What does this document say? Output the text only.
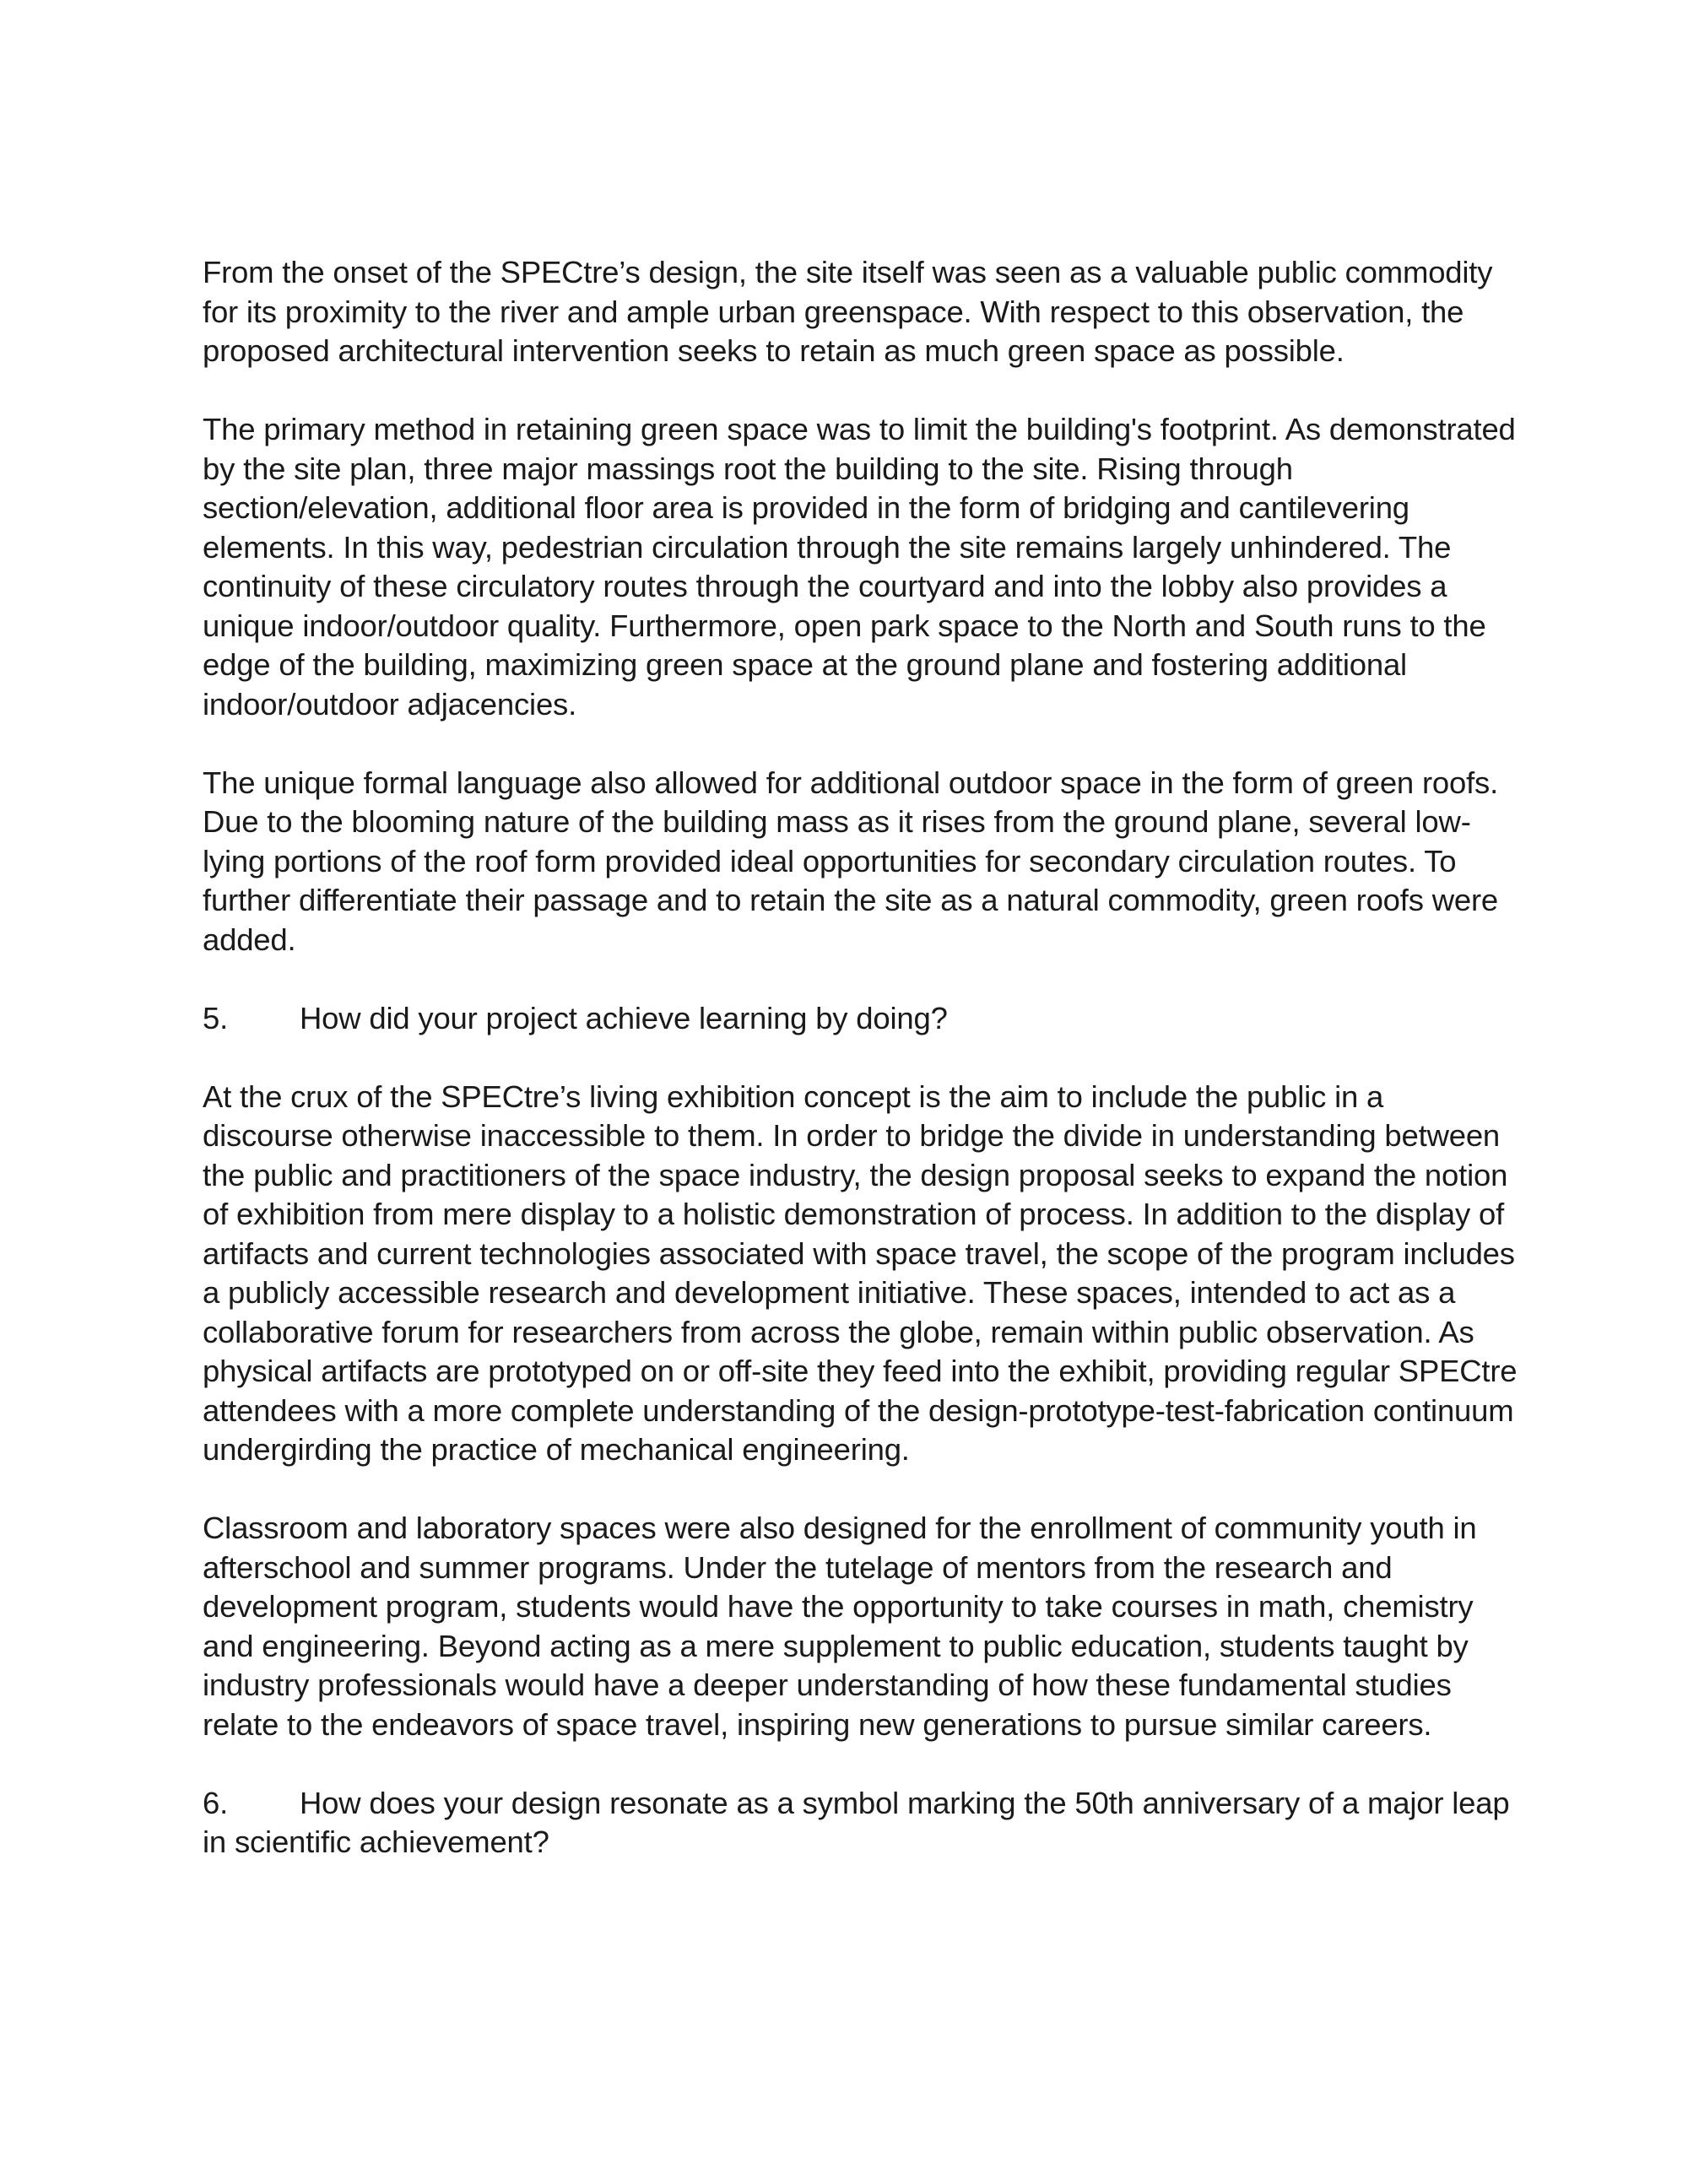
From the onset of the SPECtre’s design, the site itself was seen as a valuable public commodity for its proximity to the river and ample urban greenspace. With respect to this observation, the proposed architectural intervention seeks to retain as much green space as possible.

The primary method in retaining green space was to limit the building's footprint. As demonstrated by the site plan, three major massings root the building to the site. Rising through section/elevation, additional floor area is provided in the form of bridging and cantilevering elements. In this way, pedestrian circulation through the site remains largely unhindered. The continuity of these circulatory routes through the courtyard and into the lobby also provides a unique indoor/outdoor quality. Furthermore, open park space to the North and South runs to the edge of the building, maximizing green space at the ground plane and fostering additional indoor/outdoor adjacencies.

The unique formal language also allowed for additional outdoor space in the form of green roofs. Due to the blooming nature of the building mass as it rises from the ground plane, several low-lying portions of the roof form provided ideal opportunities for secondary circulation routes. To further differentiate their passage and to retain the site as a natural commodity, green roofs were added.

5. How did your project achieve learning by doing?

At the crux of the SPECtre’s living exhibition concept is the aim to include the public in a discourse otherwise inaccessible to them. In order to bridge the divide in understanding between the public and practitioners of the space industry, the design proposal seeks to expand the notion of exhibition from mere display to a holistic demonstration of process. In addition to the display of artifacts and current technologies associated with space travel, the scope of the program includes a publicly accessible research and development initiative. These spaces, intended to act as a collaborative forum for researchers from across the globe, remain within public observation. As physical artifacts are prototyped on or off-site they feed into the exhibit, providing regular SPECtre attendees with a more complete understanding of the design-prototype-test-fabrication continuum undergirding the practice of mechanical engineering.

Classroom and laboratory spaces were also designed for the enrollment of community youth in afterschool and summer programs. Under the tutelage of mentors from the research and development program, students would have the opportunity to take courses in math, chemistry and engineering. Beyond acting as a mere supplement to public education, students taught by industry professionals would have a deeper understanding of how these fundamental studies relate to the endeavors of space travel, inspiring new generations to pursue similar careers.

6. How does your design resonate as a symbol marking the 50th anniversary of a major leap in scientific achievement?
